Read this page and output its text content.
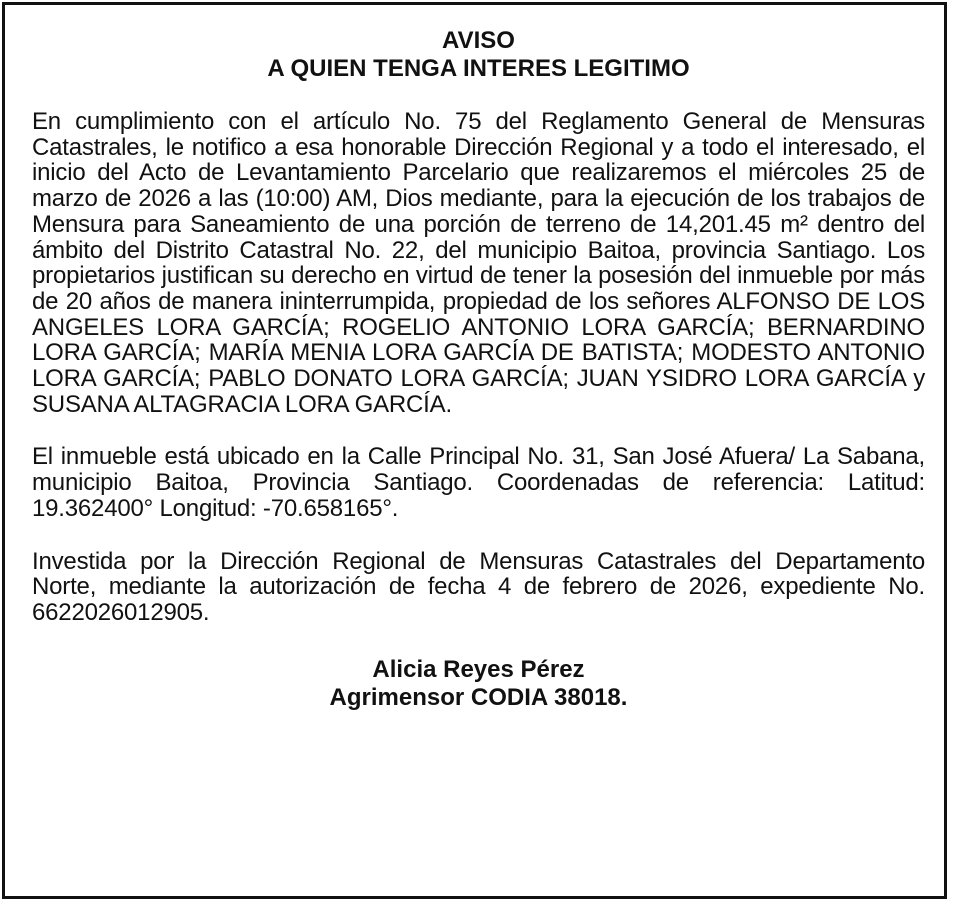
AVISO

A QUIEN TENGA INTERES LEGITIMO

En cumplimiento con el artículo No. 75 del Reglamento General de Mensuras Catastrales, le notifico a esa honorable Dirección Regional y a todo el interesado, el inicio del Acto de Levantamiento Parcelario que realizaremos el miércoles 25 de marzo de 2026 a las (10:00) AM, Dios mediante, para la ejecución de los trabajos de Mensura para Saneamiento de una porción de terreno de 14,201.45 m² dentro del ámbito del Distrito Catastral No. 22, del municipio Baitoa, provincia Santiago. Los propietarios justifican su derecho en virtud de tener la posesión del inmueble por más de 20 años de manera ininterrumpida, propiedad de los señores ALFONSO DE LOS ANGELES LORA GARCÍA; ROGELIO ANTONIO LORA GARCÍA; BERNARDINO LORA GARCÍA; MARÍA MENIA LORA GARCÍA DE BATISTA; MODESTO ANTONIO LORA GARCÍA; PABLO DONATO LORA GARCÍA; JUAN YSIDRO LORA GARCÍA y SUSANA ALTAGRACIA LORA GARCÍA.

El inmueble está ubicado en la Calle Principal No. 31, San José Afuera/ La Sabana, municipio Baitoa, Provincia Santiago. Coordenadas de referencia: Latitud: 19.362400° Longitud: -70.658165°.

Investida por la Dirección Regional de Mensuras Catastrales del Departamento Norte, mediante la autorización de fecha 4 de febrero de 2026, expediente No. 6622026012905.

Alicia Reyes Pérez
Agrimensor CODIA 38018.
